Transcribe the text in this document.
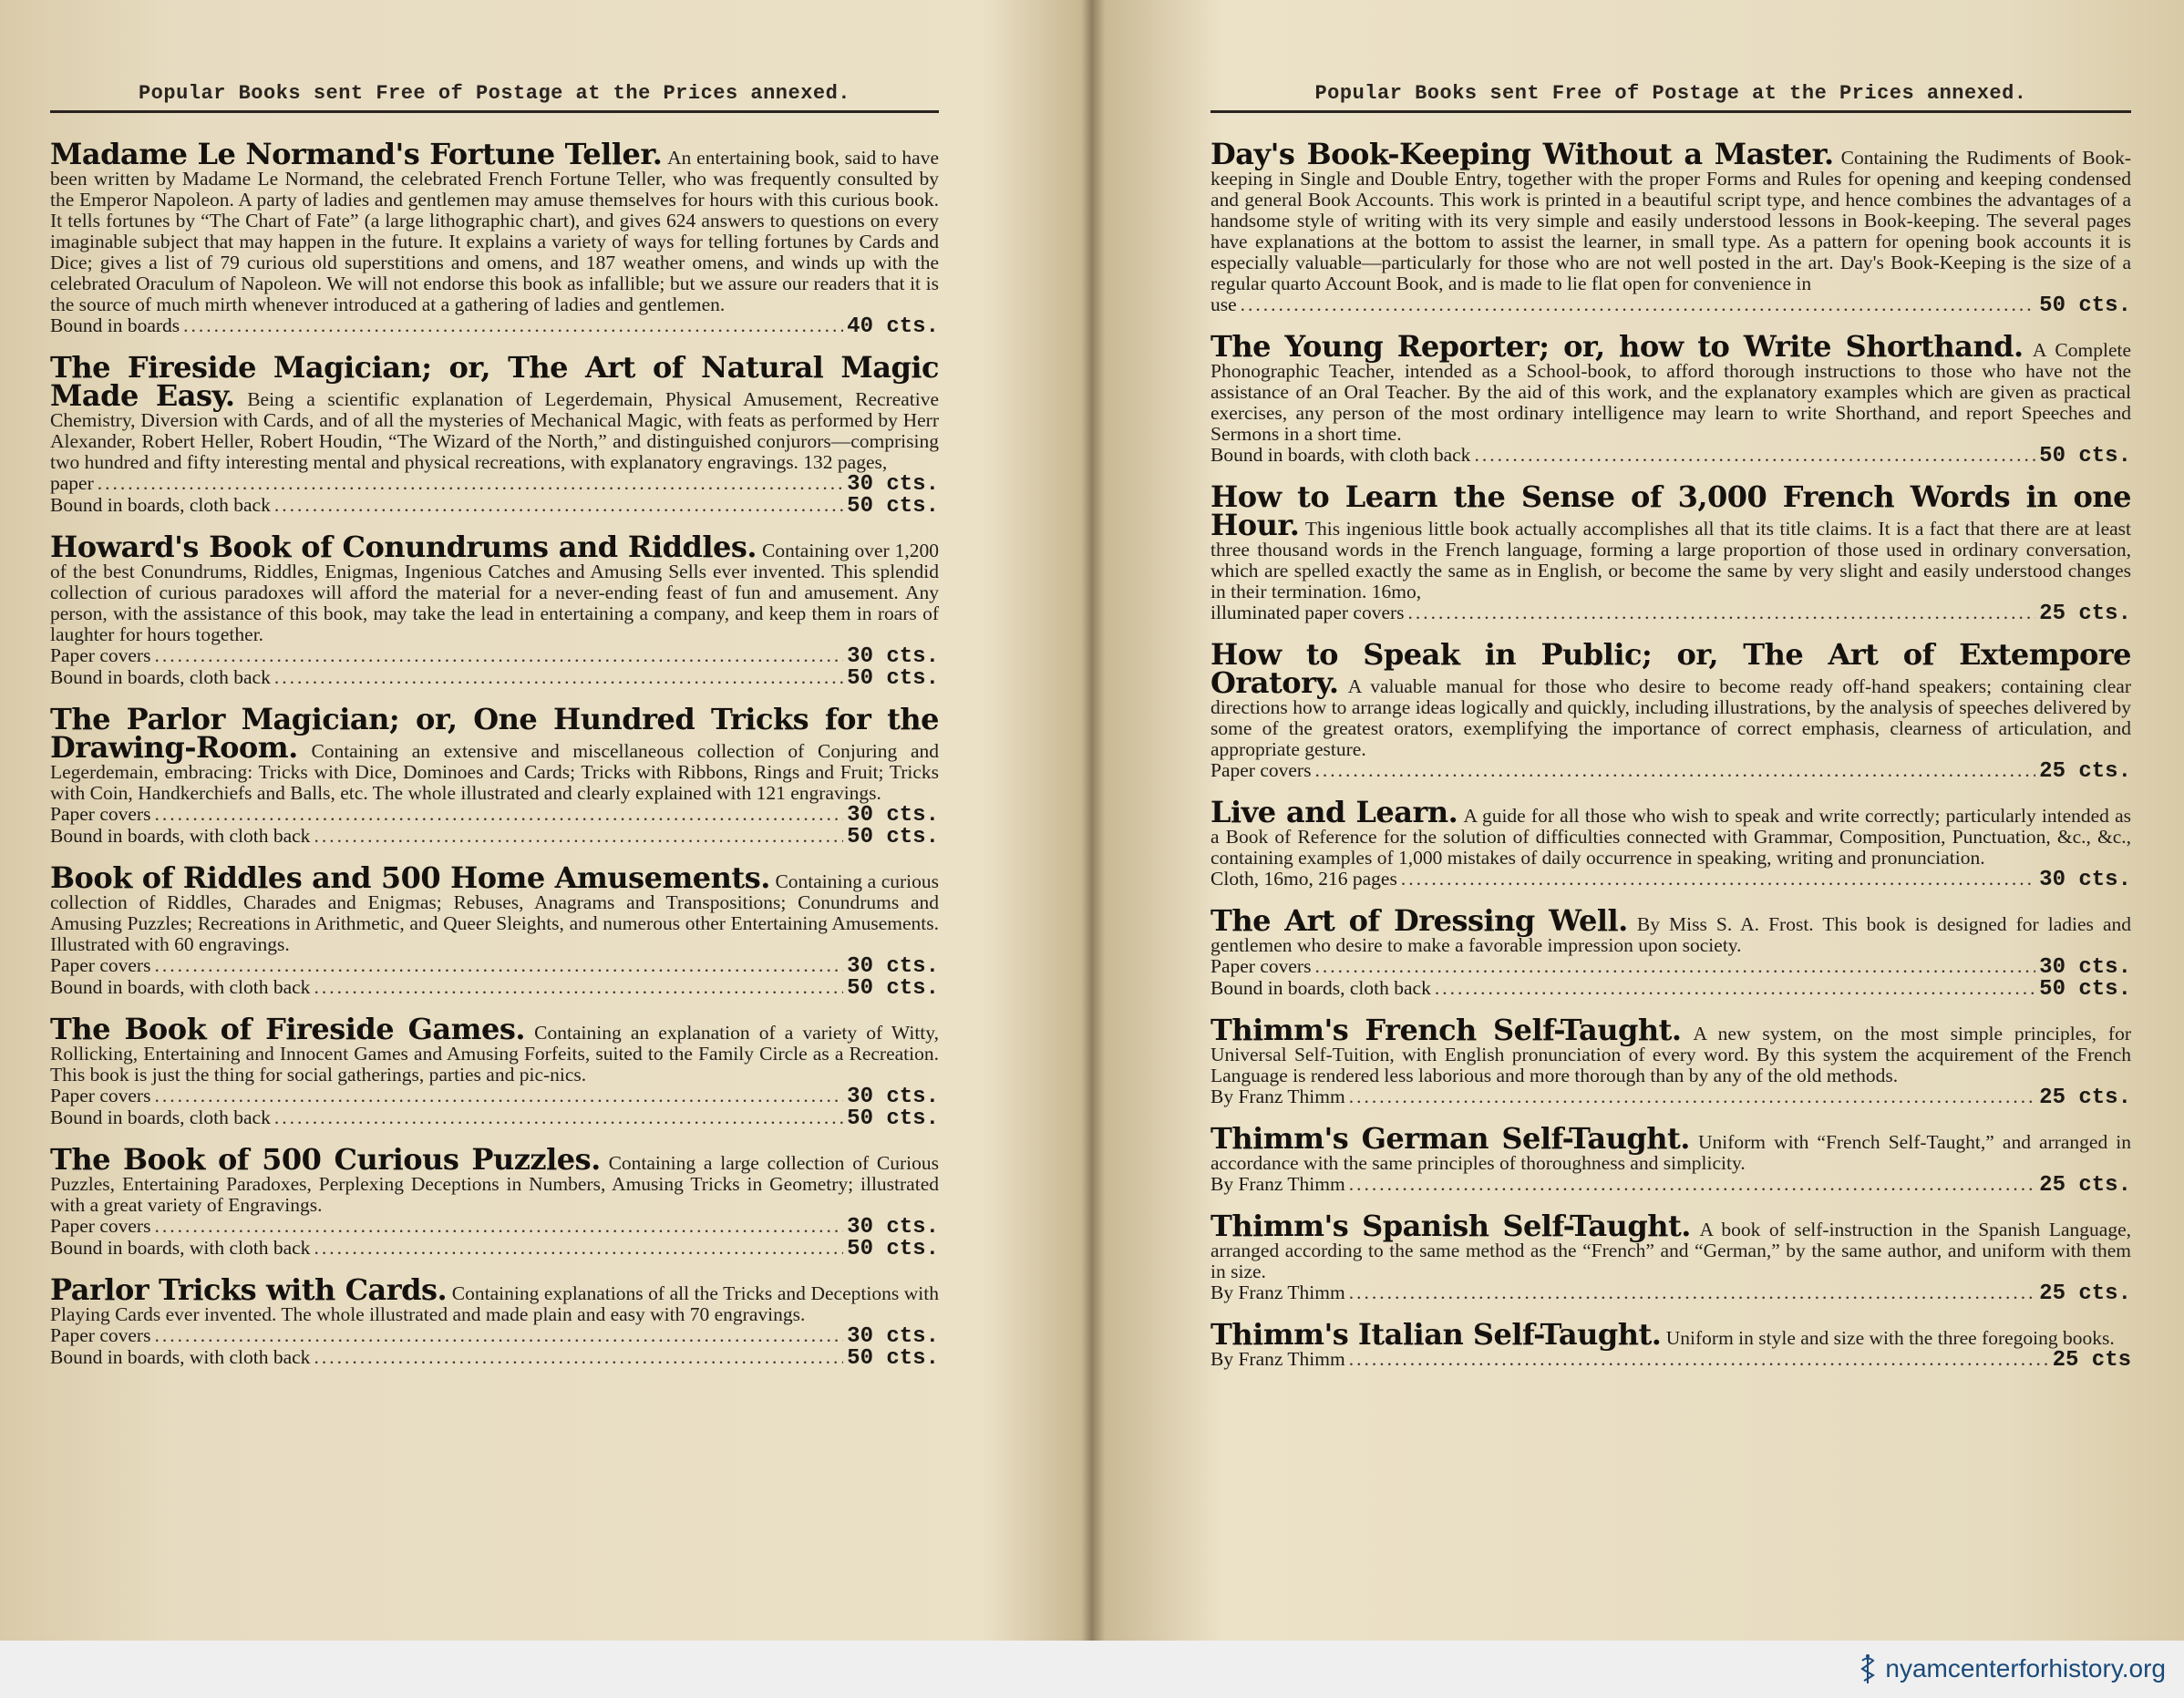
Popular Books sent Free of Postage at the Prices annexed.
Madame Le Normand's Fortune Teller. An entertaining book, said to have been written by Madame Le Normand, the celebrated French Fortune Teller, who was frequently consulted by the Emperor Napoleon. A party of ladies and gentlemen may amuse themselves for hours with this curious book. It tells fortunes by “The Chart of Fate” (a large lithographic chart), and gives 624 answers to questions on every imaginable subject that may happen in the future. It explains a variety of ways for telling fortunes by Cards and Dice; gives a list of 79 curious old superstitions and omens, and 187 weather omens, and winds up with the celebrated Oraculum of Napoleon. We will not endorse this book as infallible; but we assure our readers that it is the source of much mirth whenever introduced at a gathering of ladies and gentlemen.
Bound in boards .....	40 cts.
The Fireside Magician; or, The Art of Natural Magic Made Easy. Being a scientific explanation of Legerdemain, Physical Amusement, Recreative Chemistry, Diversion with Cards, and of all the mysteries of Mechanical Magic, with feats as performed by Herr Alexander, Robert Heller, Robert Houdin, “The Wizard of the North,” and distinguished conjurors—comprising two hundred and fifty interesting mental and physical recreations, with explanatory engravings. 132 pages,
paper .....	30 cts.
Bound in boards, cloth back .....	50 cts.
Howard's Book of Conundrums and Riddles. Containing over 1,200 of the best Conundrums, Riddles, Enigmas, Ingenious Catches and Amusing Sells ever invented. This splendid collection of curious paradoxes will afford the material for a never-ending feast of fun and amusement. Any person, with the assistance of this book, may take the lead in entertaining a company, and keep them in roars of laughter for hours together.
Paper covers .....	30 cts.
Bound in boards, cloth back .....	50 cts.
The Parlor Magician; or, One Hundred Tricks for the Drawing-Room. Containing an extensive and miscellaneous collection of Conjuring and Legerdemain, embracing: Tricks with Dice, Dominoes and Cards; Tricks with Ribbons, Rings and Fruit; Tricks with Coin, Handkerchiefs and Balls, etc. The whole illustrated and clearly explained with 121 engravings.
Paper covers .....	30 cts.
Bound in boards, with cloth back .....	50 cts.
Book of Riddles and 500 Home Amusements. Containing a curious collection of Riddles, Charades and Enigmas; Rebuses, Anagrams and Transpositions; Conundrums and Amusing Puzzles; Recreations in Arithmetic, and Queer Sleights, and numerous other Entertaining Amusements. Illustrated with 60 engravings.
Paper covers .....	30 cts.
Bound in boards, with cloth back .....	50 cts.
The Book of Fireside Games. Containing an explanation of a variety of Witty, Rollicking, Entertaining and Innocent Games and Amusing Forfeits, suited to the Family Circle as a Recreation. This book is just the thing for social gatherings, parties and pic-nics.
Paper covers .....	30 cts.
Bound in boards, cloth back .....	50 cts.
The Book of 500 Curious Puzzles. Containing a large collection of Curious Puzzles, Entertaining Paradoxes, Perplexing Deceptions in Numbers, Amusing Tricks in Geometry; illustrated with a great variety of Engravings.
Paper covers .....	30 cts.
Bound in boards, with cloth back .....	50 cts.
Parlor Tricks with Cards. Containing explanations of all the Tricks and Deceptions with Playing Cards ever invented. The whole illustrated and made plain and easy with 70 engravings.
Paper covers .....	30 cts.
Bound in boards, with cloth back .....	50 cts.
Popular Books sent Free of Postage at the Prices annexed.
Day's Book-Keeping Without a Master. Containing the Rudiments of Book-keeping in Single and Double Entry, together with the proper Forms and Rules for opening and keeping condensed and general Book Accounts. This work is printed in a beautiful script type, and hence combines the advantages of a handsome style of writing with its very simple and easily understood lessons in Book-keeping. The several pages have explanations at the bottom to assist the learner, in small type. As a pattern for opening book accounts it is especially valuable—particularly for those who are not well posted in the art. Day's Book-Keeping is the size of a regular quarto Account Book, and is made to lie flat open for convenience in
use .....	50 cts.
The Young Reporter; or, how to Write Shorthand. A Complete Phonographic Teacher, intended as a School-book, to afford thorough instructions to those who have not the assistance of an Oral Teacher. By the aid of this work, and the explanatory examples which are given as practical exercises, any person of the most ordinary intelligence may learn to write Shorthand, and report Speeches and Sermons in a short time.
Bound in boards, with cloth back .....	50 cts.
How to Learn the Sense of 3,000 French Words in one Hour. This ingenious little book actually accomplishes all that its title claims. It is a fact that there are at least three thousand words in the French language, forming a large proportion of those used in ordinary conversation, which are spelled exactly the same as in English, or become the same by very slight and easily understood changes in their termination. 16mo,
illuminated paper covers .....	25 cts.
How to Speak in Public; or, The Art of Extempore Oratory. A valuable manual for those who desire to become ready off-hand speakers; containing clear directions how to arrange ideas logically and quickly, including illustrations, by the analysis of speeches delivered by some of the greatest orators, exemplifying the importance of correct emphasis, clearness of articulation, and appropriate gesture.
Paper covers .....	25 cts.
Live and Learn. A guide for all those who wish to speak and write correctly; particularly intended as a Book of Reference for the solution of difficulties connected with Grammar, Composition, Punctuation, &c., &c., containing examples of 1,000 mistakes of daily occurrence in speaking, writing and pronunciation.
Cloth, 16mo, 216 pages .....	30 cts.
The Art of Dressing Well. By Miss S. A. Frost. This book is designed for ladies and gentlemen who desire to make a favorable impression upon society.
Paper covers .....	30 cts.
Bound in boards, cloth back .....	50 cts.
Thimm's French Self-Taught. A new system, on the most simple principles, for Universal Self-Tuition, with English pronunciation of every word. By this system the acquirement of the French Language is rendered less laborious and more thorough than by any of the old methods.
By Franz Thimm .....	25 cts.
Thimm's German Self-Taught. Uniform with “French Self-Taught,” and arranged in accordance with the same principles of thoroughness and simplicity.
By Franz Thimm .....	25 cts.
Thimm's Spanish Self-Taught. A book of self-instruction in the Spanish Language, arranged according to the same method as the “French” and “German,” by the same author, and uniform with them in size.
By Franz Thimm .....	25 cts.
Thimm's Italian Self-Taught. Uniform in style and size with the three foregoing books.
By Franz Thimm .....	25 cts
nyamcenterforhistory.org
